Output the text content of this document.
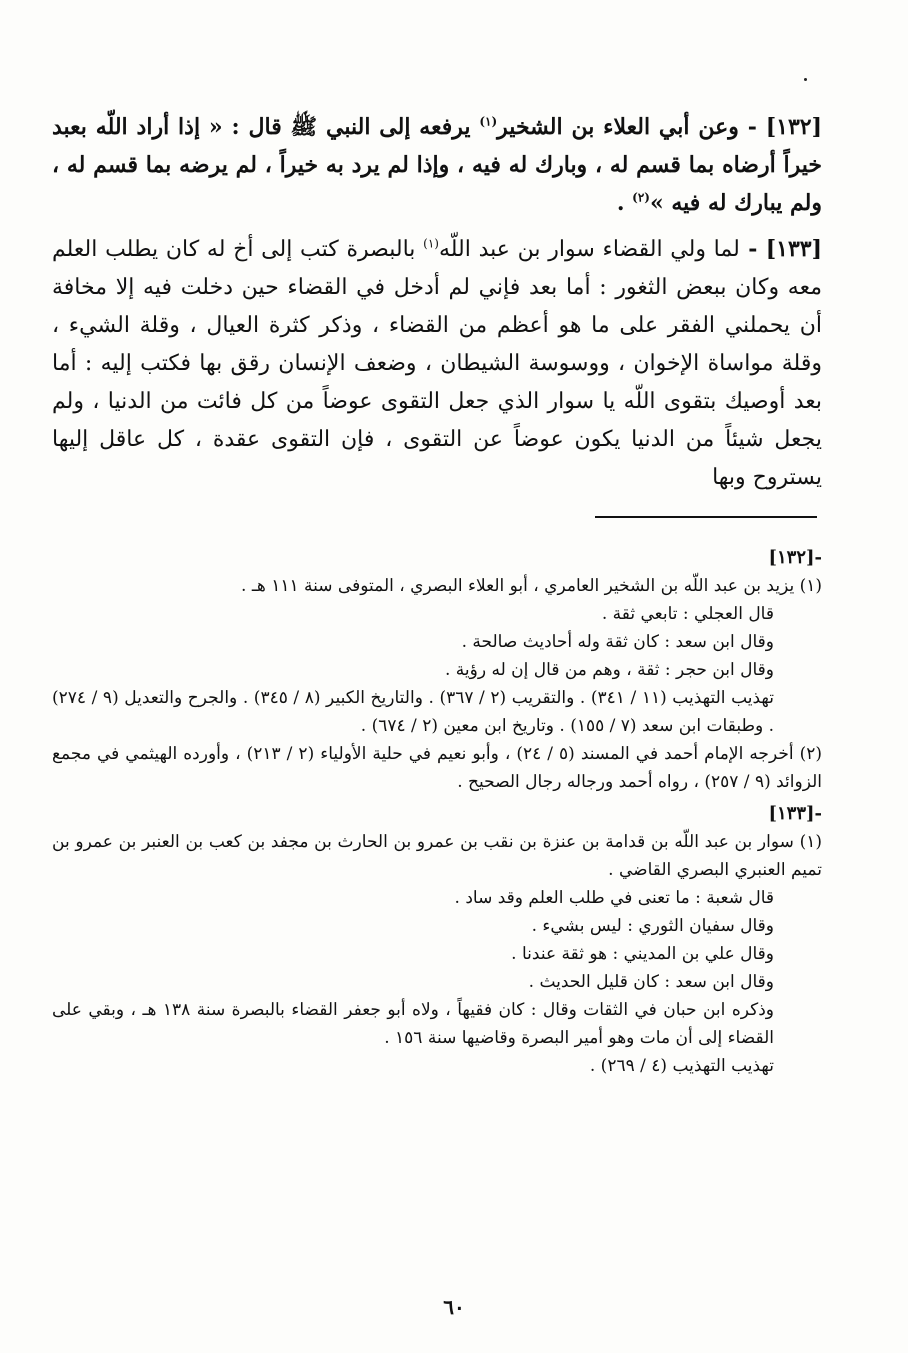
[١٣٢] - وعن أبي العلاء بن الشخير$^{(١)}$ يرفعه إلى النبي ﷺ قال : « إذا أراد اللّه بعبد خيراً أرضاه بما قسم له ، وبارك له فيه ، وإذا لم يرد به خيراً ، لم يرضه بما قسم له ، ولم يبارك له فيه »$^{(٢)}$ .

[١٣٣] - لما ولي القضاء سوار بن عبد اللّه$^{(١)}$ بالبصرة كتب إلى أخ له كان يطلب العلم معه وكان ببعض الثغور : أما بعد فإني لم أدخل في القضاء حين دخلت فيه إلا مخافة أن يحملني الفقر على ما هو أعظم من القضاء ، وذكر كثرة العيال ، وقلة الشيء ، وقلة مواساة الإخوان ، ووسوسة الشيطان ، وضعف الإنسان رقق بها فكتب إليه : أما بعد أوصيك بتقوى اللّه يا سوار الذي جعل التقوى عوضاً من كل فائت من الدنيا ، ولم يجعل شيئاً من الدنيا يكون عوضاً عن التقوى ، فإن التقوى عقدة ، كل عاقل إليها يستروح وبها

-[١٣٢]

(١) يزيد بن عبد اللّه بن الشخير العامري ، أبو العلاء البصري ، المتوفى سنة ١١١ هـ .

قال العجلي : تابعي ثقة .

وقال ابن سعد : كان ثقة وله أحاديث صالحة .

وقال ابن حجر : ثقة ، وهم من قال إن له رؤية .

تهذيب التهذيب (١١ / ٣٤١) . والتقريب (٢ / ٣٦٧) . والتاريخ الكبير (٨ / ٣٤٥) . والجرح والتعديل (٩ / ٢٧٤) . وطبقات ابن سعد (٧ / ١٥٥) . وتاريخ ابن معين (٢ / ٦٧٤) .

(٢) أخرجه الإمام أحمد في المسند (٥ / ٢٤) ، وأبو نعيم في حلية الأولياء (٢ / ٢١٣) ، وأورده الهيثمي في مجمع الزوائد (٩ / ٢٥٧) ، رواه أحمد ورجاله رجال الصحيح .

-[١٣٣]

(١) سوار بن عبد اللّه بن قدامة بن عنزة بن نقب بن عمرو بن الحارث بن مجفد بن كعب بن العنبر بن عمرو بن تميم العنبري البصري القاضي .

قال شعبة : ما تعنى في طلب العلم وقد ساد .

وقال سفيان الثوري : ليس بشيء .

وقال علي بن المديني : هو ثقة عندنا .

وقال ابن سعد : كان قليل الحديث .

وذكره ابن حبان في الثقات وقال : كان فقيهاً ، ولاه أبو جعفر القضاء بالبصرة سنة ١٣٨ هـ ، وبقي على القضاء إلى أن مات وهو أمير البصرة وقاضيها سنة ١٥٦ .

تهذيب التهذيب (٤ / ٢٦٩) .

٦٠
